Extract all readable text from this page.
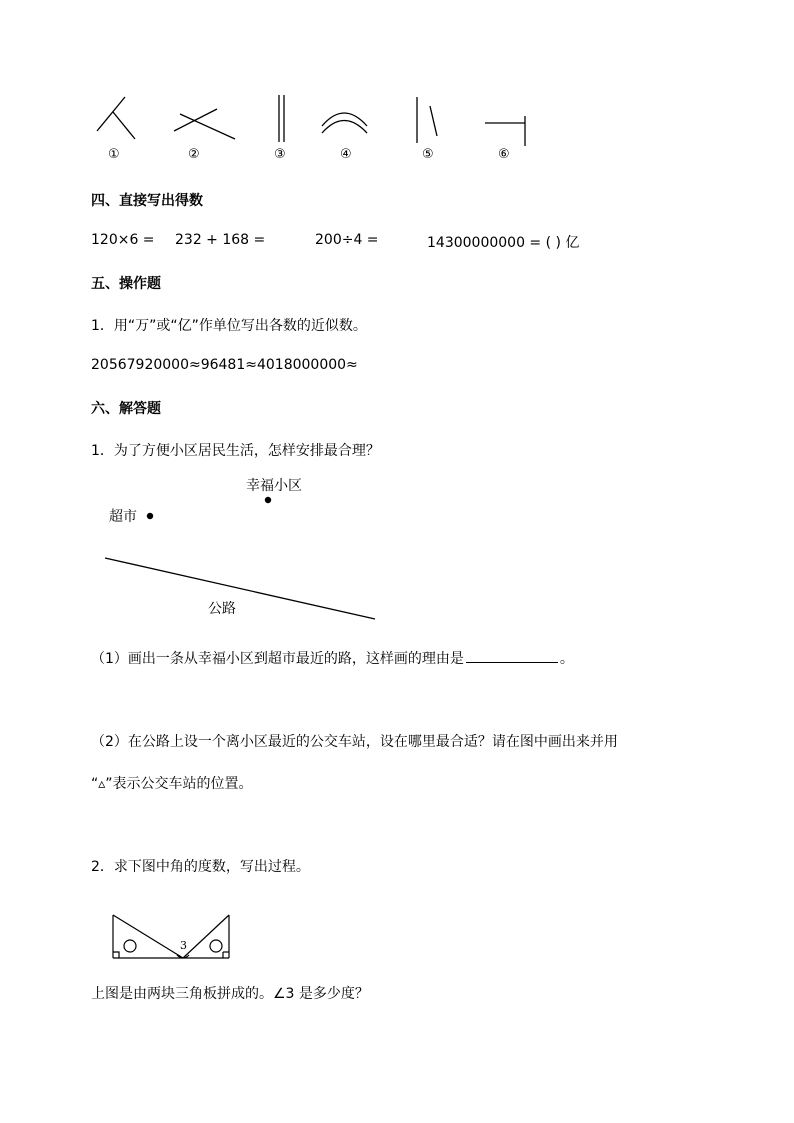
①	②	③	④	⑤	⑥
四、直接写出得数
120×6 = 232 + 168 =	200÷4 =	14300000000 = ( ) 亿
五、操作题
1．用“万”或“亿”作单位写出各数的近似数。
20567920000≈96481≈4018000000≈
六、解答题
1．为了方便小区居民生活，怎样安排最合理？
幸福小区
超市
公路
（1）画出一条从幸福小区到超市最近的路，这样画的理由是	。
（2）在公路上设一个离小区最近的公交车站，设在哪里最合适？请在图中画出来并用
“▵”表示公交车站的位置。
2．求下图中角的度数，写出过程。
3
上图是由两块三角板拼成的。∠3 是多少度？
